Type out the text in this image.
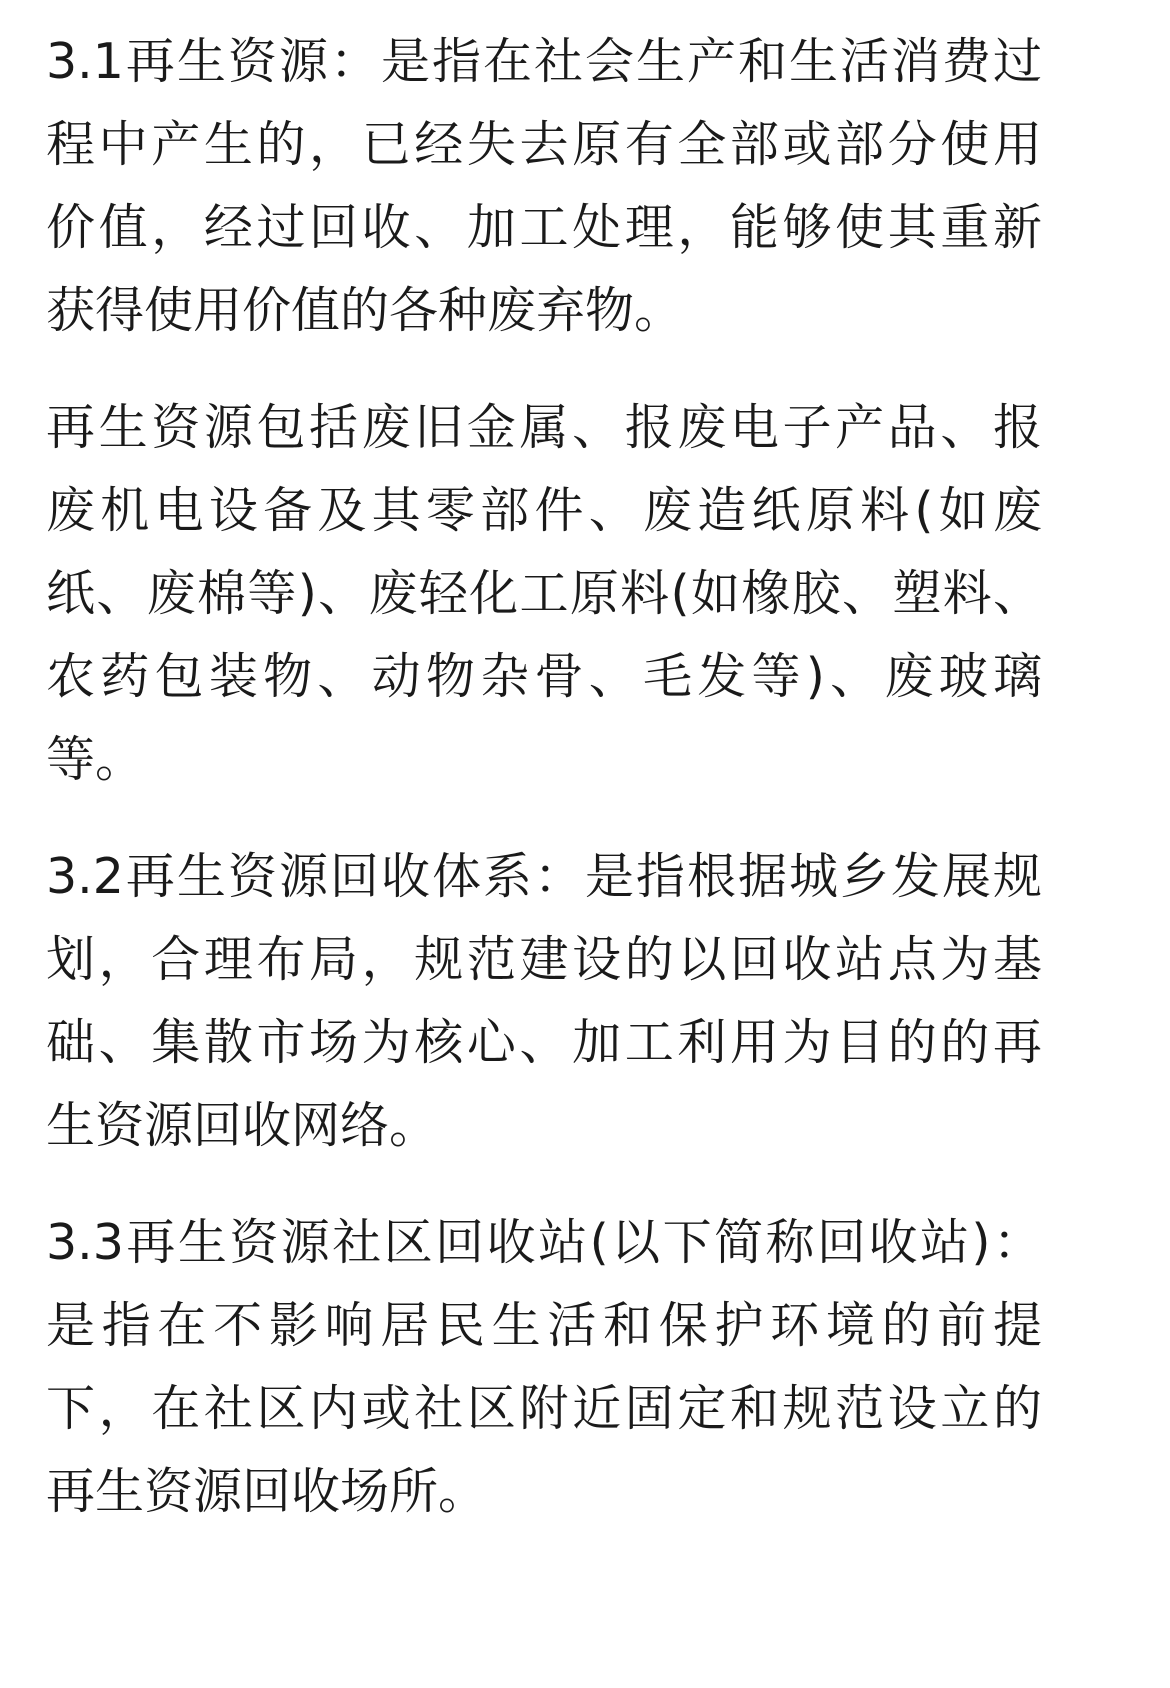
3.1再生资源：是指在社会生产和生活消费过
程中产生的，已经失去原有全部或部分使用
价值，经过回收、加工处理，能够使其重新
获得使用价值的各种废弃物。
再生资源包括废旧金属、报废电子产品、报
废机电设备及其零部件、废造纸原料(如废
纸、废棉等)、废轻化工原料(如橡胶、塑料、
农药包装物、动物杂骨、毛发等)、废玻璃
等。
3.2再生资源回收体系：是指根据城乡发展规
划，合理布局，规范建设的以回收站点为基
础、集散市场为核心、加工利用为目的的再
生资源回收网络。
3.3再生资源社区回收站(以下简称回收站)：
是指在不影响居民生活和保护环境的前提
下，在社区内或社区附近固定和规范设立的
再生资源回收场所。
